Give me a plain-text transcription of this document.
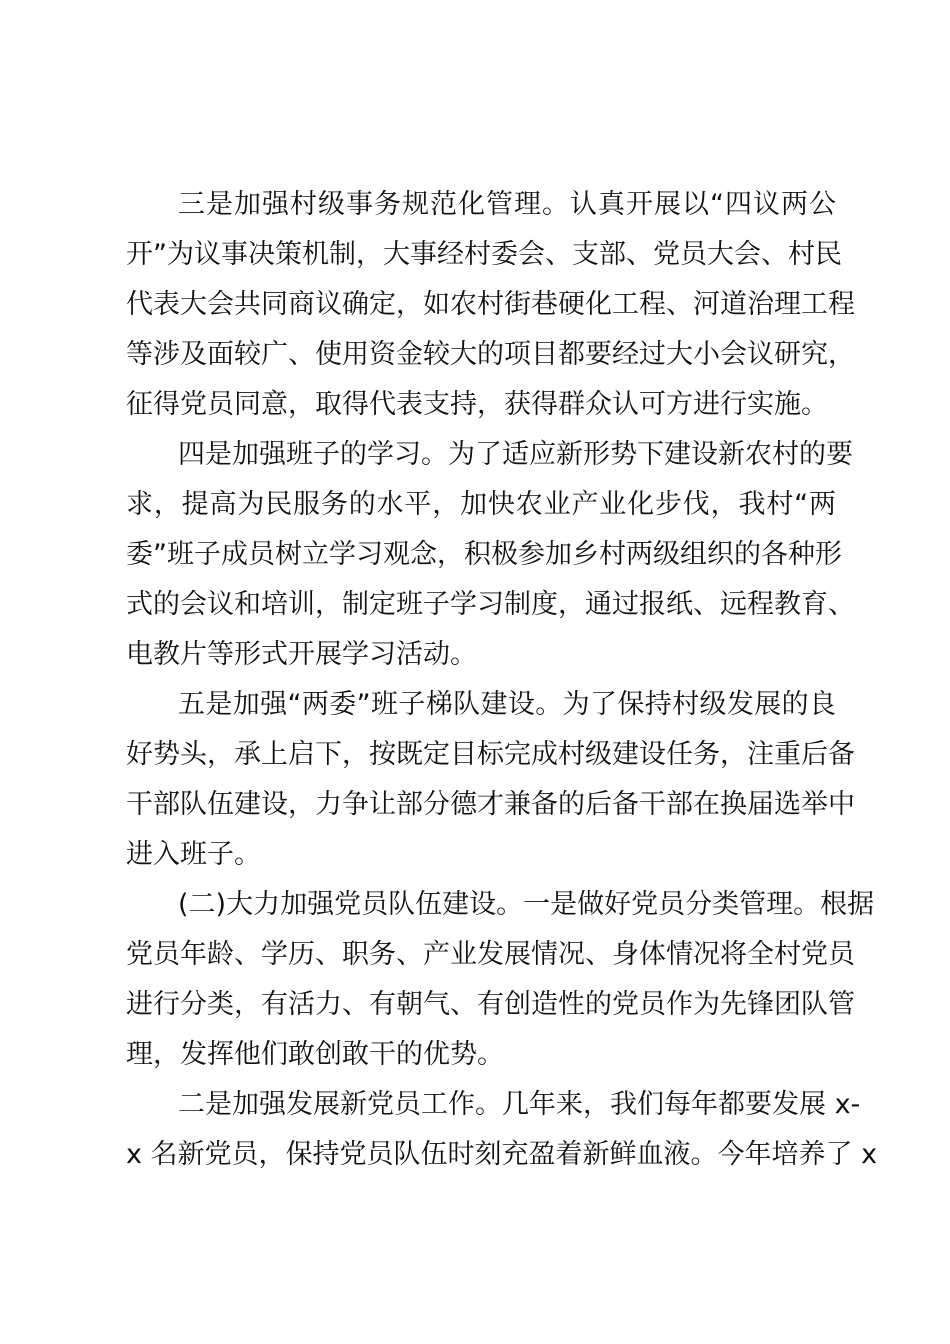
三是加强村级事务规范化管理。认真开展以“四议两公
开”为议事决策机制，大事经村委会、支部、党员大会、村民
代表大会共同商议确定，如农村街巷硬化工程、河道治理工程
等涉及面较广、使用资金较大的项目都要经过大小会议研究，
征得党员同意，取得代表支持，获得群众认可方进行实施。
四是加强班子的学习。为了适应新形势下建设新农村的要
求，提高为民服务的水平，加快农业产业化步伐，我村“两
委”班子成员树立学习观念，积极参加乡村两级组织的各种形
式的会议和培训，制定班子学习制度，通过报纸、远程教育、
电教片等形式开展学习活动。
五是加强“两委”班子梯队建设。为了保持村级发展的良
好势头，承上启下，按既定目标完成村级建设任务，注重后备
干部队伍建设，力争让部分德才兼备的后备干部在换届选举中
进入班子。
(二)大力加强党员队伍建设。一是做好党员分类管理。根据
党员年龄、学历、职务、产业发展情况、身体情况将全村党员
进行分类，有活力、有朝气、有创造性的党员作为先锋团队管
理，发挥他们敢创敢干的优势。
二是加强发展新党员工作。几年来，我们每年都要发展 x-
x 名新党员，保持党员队伍时刻充盈着新鲜血液。今年培养了 x
